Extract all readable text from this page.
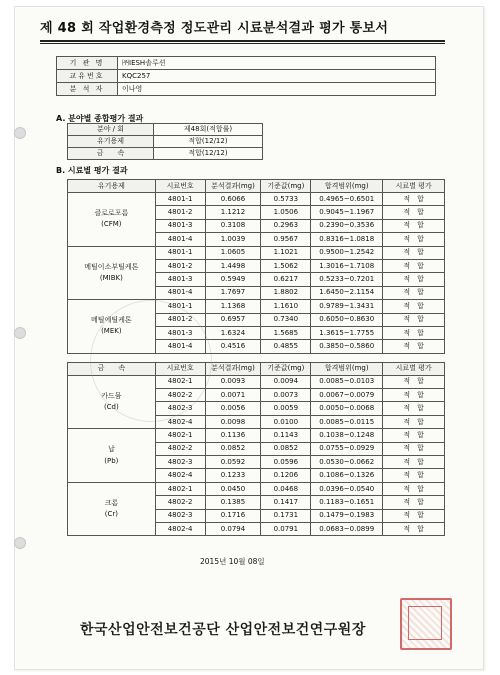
제 48 회 작업환경측정 정도관리 시료분석결과 평가 통보서
기 관 명	㈜IESH솔루션
교유번호	KQC257
분 석 자	이나영
A. 분야별 종합평가 결과
분야 / 회	제48회(적합률)
유기용제	적합(12/12)
금　　속	적합(12/12)
B. 시료별 평가 결과
유기용제	시료번호	분석결과(mg)	기준값(mg)	합격범위(mg)	시료별 평가

클로로포름
(CFM)	4801-1	0.6066	0.5733	0.4965~0.6501	적　합
	4801-2	1.1212	1.0506	0.9045~1.1967	적　합
	4801-3	0.3108	0.2963	0.2390~0.3536	적　합
	4801-4	1.0039	0.9567	0.8316~1.0818	적　합

메틸이소부틸케톤
(MIBK)	4801-1	1.0605	1.1021	0.9500~1.2542	적　합
	4801-2	1.4498	1.5062	1.3016~1.7108	적　합
	4801-3	0.5949	0.6217	0.5233~0.7201	적　합
	4801-4	1.7697	1.8802	1.6450~2.1154	적　합

메틸에틸케톤
(MEK)	4801-1	1.1368	1.1610	0.9789~1.3431	적　합
	4801-2	0.6957	0.7340	0.6050~0.8630	적　합
	4801-3	1.6324	1.5685	1.3615~1.7755	적　합
	4801-4	0.4516	0.4855	0.3850~0.5860	적　합

금　　속	시료번호	분석결과(mg)	기준값(mg)	합격범위(mg)	시료별 평가

카드뮴
(Cd)	4802-1	0.0093	0.0094	0.0085~0.0103	적　합
	4802-2	0.0071	0.0073	0.0067~0.0079	적　합
	4802-3	0.0056	0.0059	0.0050~0.0068	적　합
	4802-4	0.0098	0.0100	0.0085~0.0115	적　합

납
(Pb)	4802-1	0.1136	0.1143	0.1038~0.1248	적　합
	4802-2	0.0852	0.0852	0.0755~0.0929	적　합
	4802-3	0.0592	0.0596	0.0530~0.0662	적　합
	4802-4	0.1233	0.1206	0.1086~0.1326	적　합

크롬
(Cr)	4802-1	0.0450	0.0468	0.0396~0.0540	적　합
	4802-2	0.1385	0.1417	0.1183~0.1651	적　합
	4802-3	0.1716	0.1731	0.1479~0.1983	적　합
	4802-4	0.0794	0.0791	0.0683~0.0899	적　합
2015년 10월 08일
한국산업안전보건공단 산업안전보건연구원장
